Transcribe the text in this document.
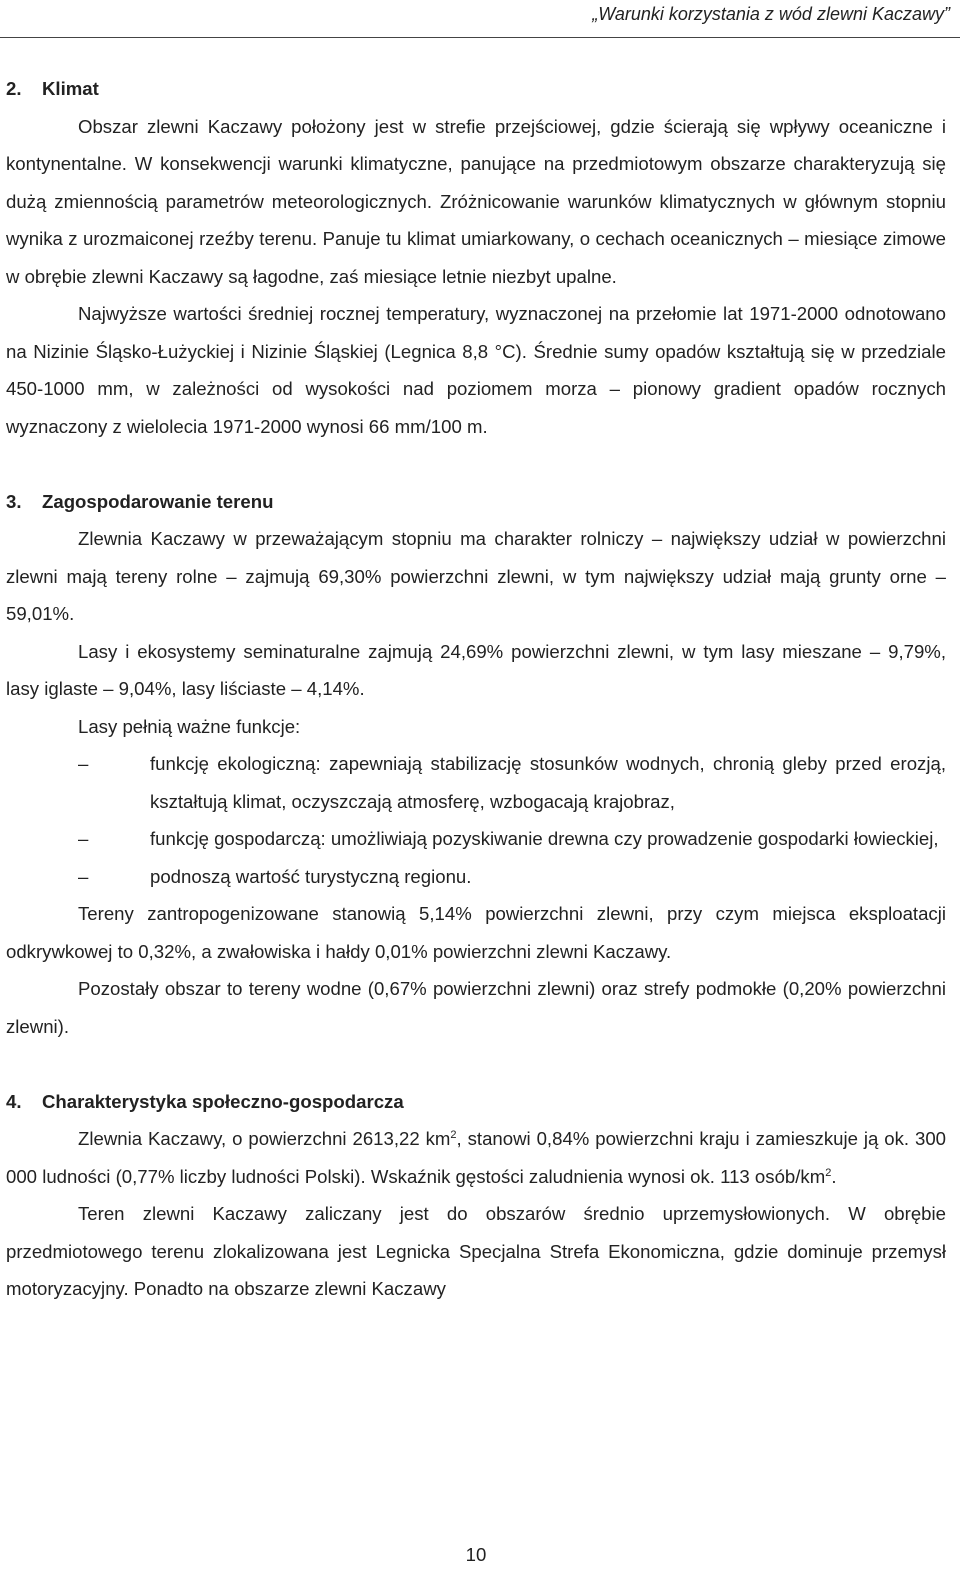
„Warunki korzystania z wód zlewni Kaczawy”
2. Klimat

Obszar zlewni Kaczawy położony jest w strefie przejściowej, gdzie ścierają się wpływy oceaniczne i kontynentalne. W konsekwencji warunki klimatyczne, panujące na przedmiotowym obszarze charakteryzują się dużą zmiennością parametrów meteorologicznych. Zróżnicowanie warunków klimatycznych w głównym stopniu wynika z urozmaiconej rzeźby terenu. Panuje tu klimat umiarkowany, o cechach oceanicznych – miesiące zimowe w obrębie zlewni Kaczawy są łagodne, zaś miesiące letnie niezbyt upalne.

Najwyższe wartości średniej rocznej temperatury, wyznaczonej na przełomie lat 1971-2000 odnotowano na Nizinie Śląsko-Łużyckiej i Nizinie Śląskiej (Legnica 8,8 °C). Średnie sumy opadów kształtują się w przedziale 450-1000 mm, w zależności od wysokości nad poziomem morza – pionowy gradient opadów rocznych wyznaczony z wielolecia 1971-2000 wynosi 66 mm/100 m.

3. Zagospodarowanie terenu

Zlewnia Kaczawy w przeważającym stopniu ma charakter rolniczy – największy udział w powierzchni zlewni mają tereny rolne – zajmują 69,30% powierzchni zlewni, w tym największy udział mają grunty orne – 59,01%.

Lasy i ekosystemy seminaturalne zajmują 24,69% powierzchni zlewni, w tym lasy mieszane – 9,79%, lasy iglaste – 9,04%, lasy liściaste – 4,14%.

Lasy pełnią ważne funkcje:

–	funkcję ekologiczną: zapewniają stabilizację stosunków wodnych, chronią gleby przed erozją, kształtują klimat, oczyszczają atmosferę, wzbogacają krajobraz,
–	funkcję gospodarczą: umożliwiają pozyskiwanie drewna czy prowadzenie gospodarki łowieckiej,
–	podnoszą wartość turystyczną regionu.

Tereny zantropogenizowane stanowią 5,14% powierzchni zlewni, przy czym miejsca eksploatacji odkrywkowej to 0,32%, a zwałowiska i hałdy 0,01% powierzchni zlewni Kaczawy.

Pozostały obszar to tereny wodne (0,67% powierzchni zlewni) oraz strefy podmokłe (0,20% powierzchni zlewni).

4. Charakterystyka społeczno-gospodarcza

Zlewnia Kaczawy, o powierzchni 2613,22 $km^2$, stanowi 0,84% powierzchni kraju i zamieszkuje ją ok. 300 000 ludności (0,77% liczby ludności Polski). Wskaźnik gęstości zaludnienia wynosi ok. 113 osób/$km^2$.

Teren zlewni Kaczawy zaliczany jest do obszarów średnio uprzemysłowionych. W obrębie przedmiotowego terenu zlokalizowana jest Legnicka Specjalna Strefa Ekonomiczna, gdzie dominuje przemysł motoryzacyjny. Ponadto na obszarze zlewni Kaczawy

10
